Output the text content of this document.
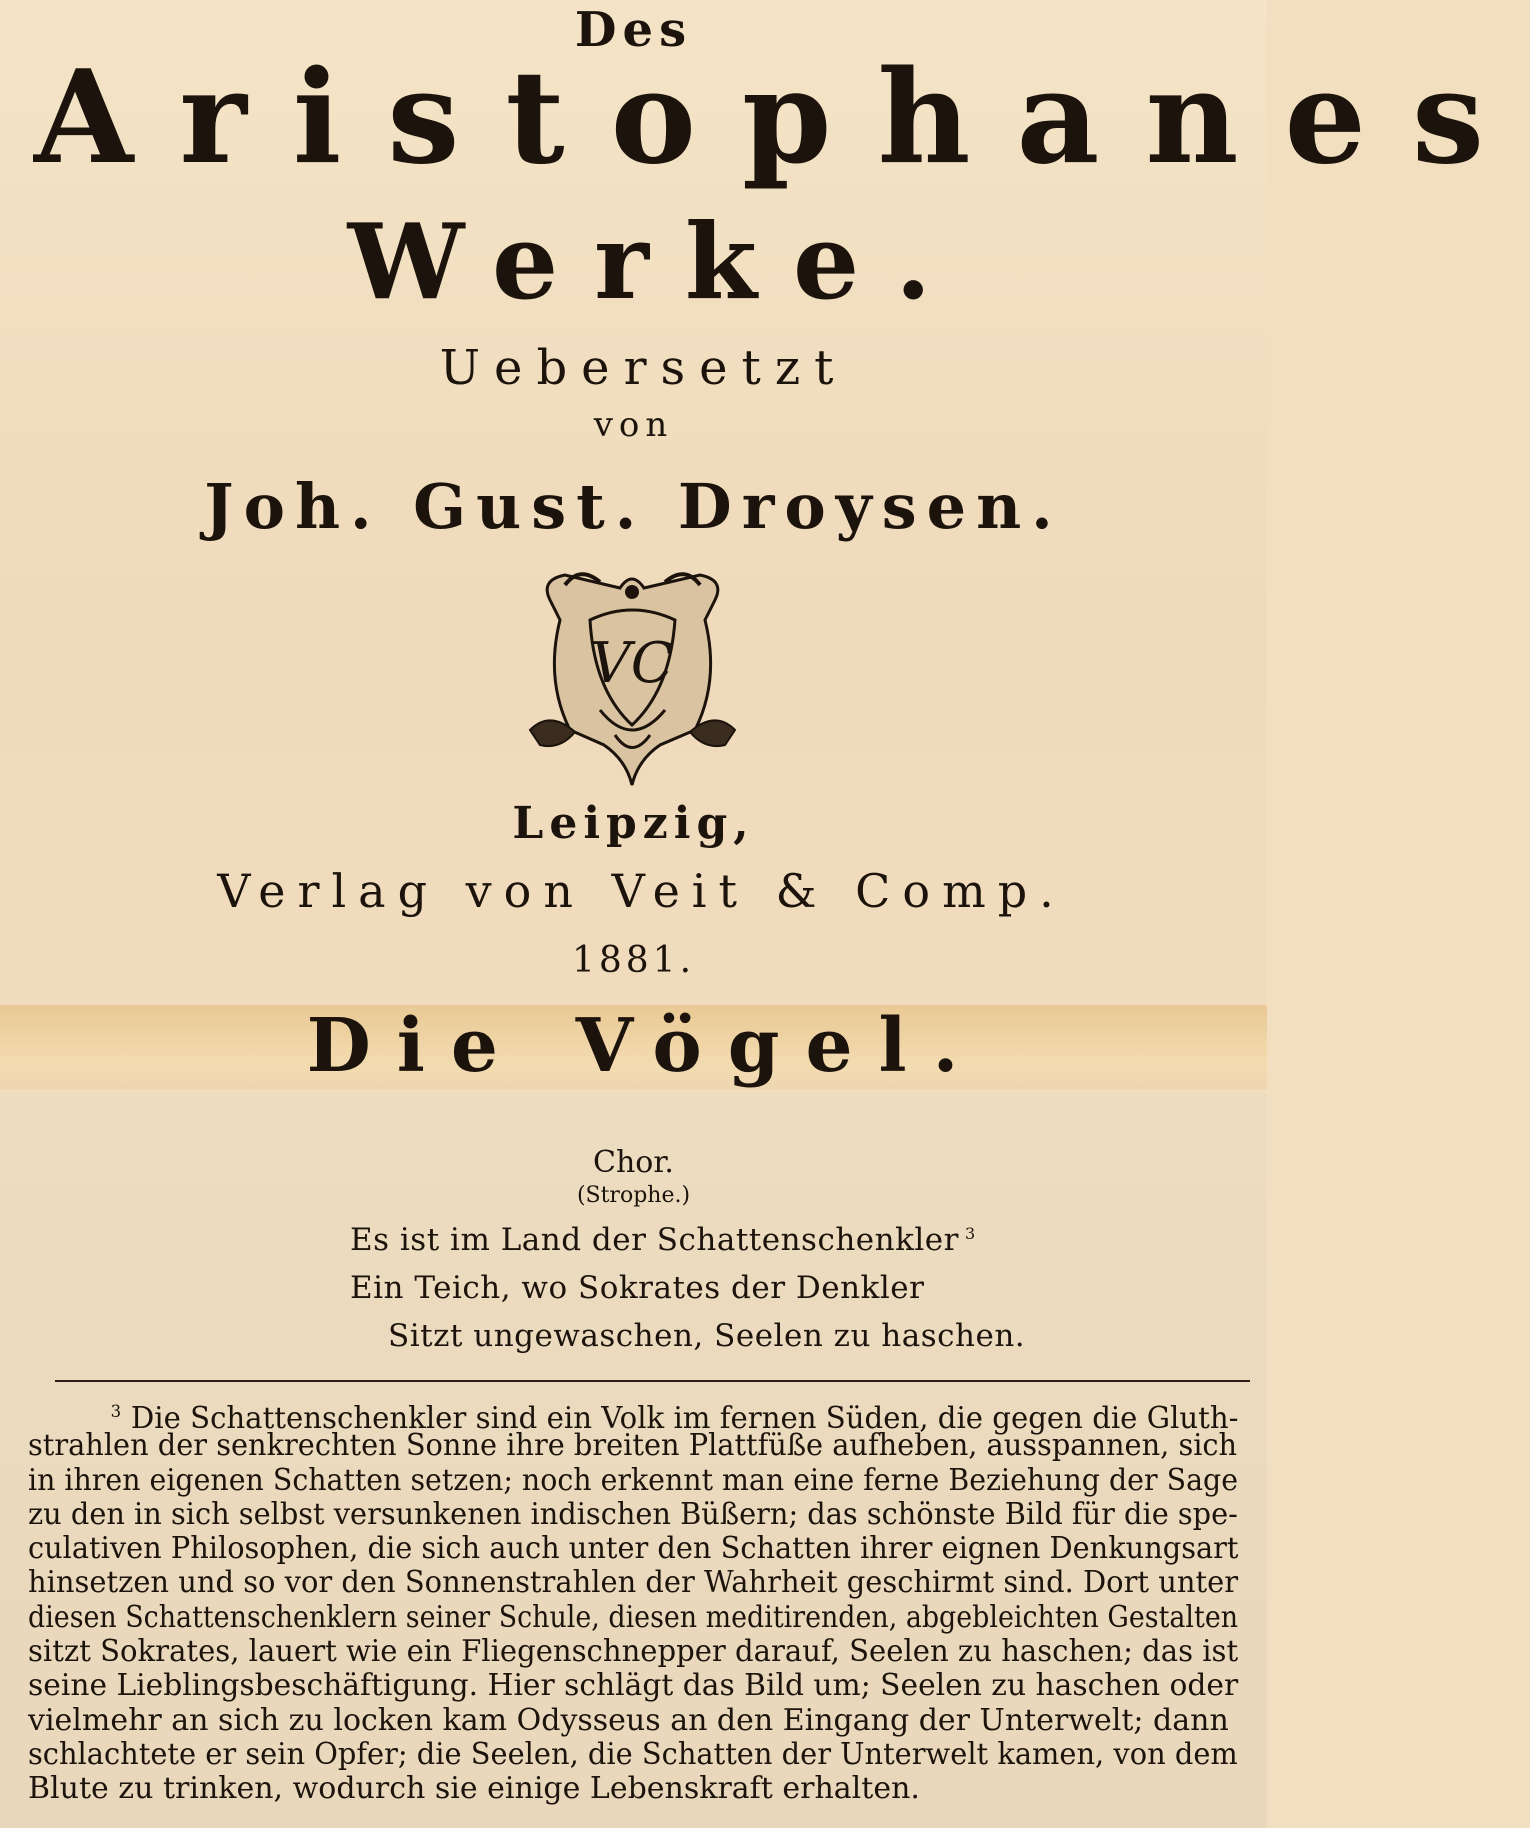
Des
Aristophanes
Werke.
Uebersetzt
von
Joh. Gust. Droysen.
VC
Leipzig,
Verlag von Veit & Comp.
1881.
Die Vögel.
Chor.
(Strophe.)
Es ist im Land der Schattenschenkler $^3$
Ein Teich, wo Sokrates der Denkler
Sitzt ungewaschen, Seelen zu haschen.
$^3$ Die Schattenschenkler sind ein Volk im fernen Süden, die gegen die Gluth-
strahlen der senkrechten Sonne ihre breiten Plattfüße aufheben, ausspannen, sich
in ihren eigenen Schatten setzen; noch erkennt man eine ferne Beziehung der Sage
zu den in sich selbst versunkenen indischen Büßern; das schönste Bild für die spe-
culativen Philosophen, die sich auch unter den Schatten ihrer eignen Denkungsart
hinsetzen und so vor den Sonnenstrahlen der Wahrheit geschirmt sind. Dort unter
diesen Schattenschenklern seiner Schule, diesen meditirenden, abgebleichten Gestalten
sitzt Sokrates, lauert wie ein Fliegenschnepper darauf, Seelen zu haschen; das ist
seine Lieblingsbeschäftigung. Hier schlägt das Bild um; Seelen zu haschen oder
vielmehr an sich zu locken kam Odysseus an den Eingang der Unterwelt; dann
schlachtete er sein Opfer; die Seelen, die Schatten der Unterwelt kamen, von dem
Blute zu trinken, wodurch sie einige Lebenskraft erhalten.
